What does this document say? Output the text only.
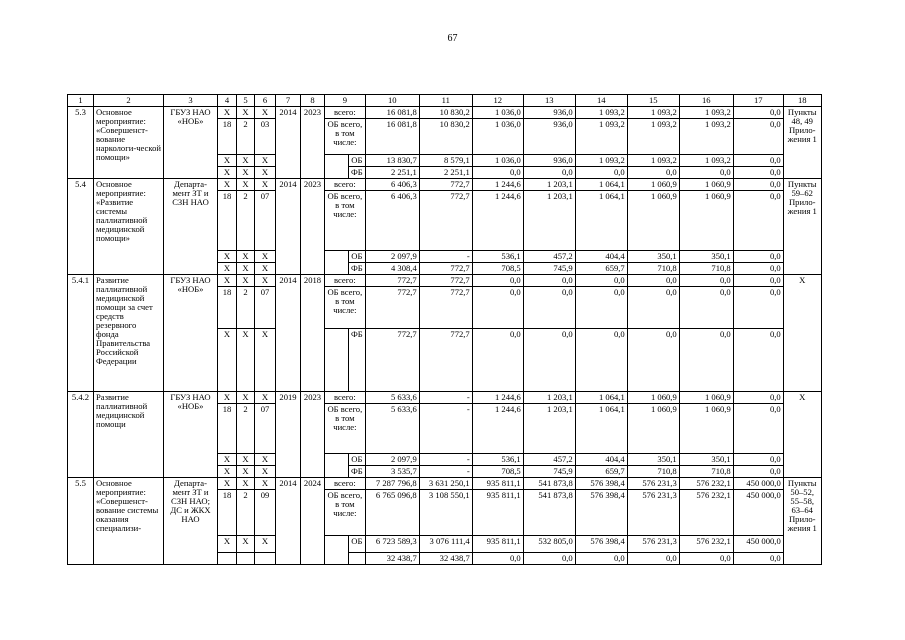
67
1	2	3	4	5	6	7	8	9		10	11	12	13	14	15	16	17	18
5.3	Основное мероприятие: «Совершенст-вование наркологи-ческой помощи»	ГБУЗ НАО «НОБ»	Х	Х	Х	2014	2023	всего:		16 081,8	10 830,2	1 036,0	936,0	1 093,2	1 093,2	1 093,2	0,0	Пункты 48, 49 Прило-жения 1
			18	2	03			ОБ всего, в том числе:		16 081,8	10 830,2	1 036,0	936,0	1 093,2	1 093,2	1 093,2	0,0	
			Х	Х	Х				ОБ	13 830,7	8 579,1	1 036,0	936,0	1 093,2	1 093,2	1 093,2	0,0	
			Х	Х	Х				ФБ	2 251,1	2 251,1	0,0	0,0	0,0	0,0	0,0	0,0	
5.4	Основное мероприятие: «Развитие системы паллиативной медицинской помощи»	Департа-мент ЗТ и СЗН НАО	Х	Х	Х	2014	2023	всего:		6 406,3	772,7	1 244,6	1 203,1	1 064,1	1 060,9	1 060,9	0,0	Пункты 59–62 Прило-жения 1
			18	2	07			ОБ всего, в том числе:		6 406,3	772,7	1 244,6	1 203,1	1 064,1	1 060,9	1 060,9	0,0	
			Х	Х	Х				ОБ	2 097,9	-	536,1	457,2	404,4	350,1	350,1	0,0	
			Х	Х	Х				ФБ	4 308,4	772,7	708,5	745,9	659,7	710,8	710,8	0,0	
5.4.1	Развитие паллиативной медицинской помощи за счет средств резервного фонда Правительства Российской Федерации	ГБУЗ НАО «НОБ»	Х	Х	Х	2014	2018	всего:		772,7	772,7	0,0	0,0	0,0	0,0	0,0	0,0	Х
			18	2	07			ОБ всего, в том числе:		772,7	772,7	0,0	0,0	0,0	0,0	0,0	0,0	
			Х	Х	Х				ФБ	772,7	772,7	0,0	0,0	0,0	0,0	0,0	0,0	
5.4.2	Развитие паллиативной медицинской помощи	ГБУЗ НАО «НОБ»	Х	Х	Х	2019	2023	всего:		5 633,6	-	1 244,6	1 203,1	1 064,1	1 060,9	1 060,9	0,0	Х
			18	2	07			ОБ всего, в том числе:		5 633,6	-	1 244,6	1 203,1	1 064,1	1 060,9	1 060,9	0,0	
			Х	Х	Х				ОБ	2 097,9	-	536,1	457,2	404,4	350,1	350,1	0,0	
			Х	Х	Х				ФБ	3 535,7	-	708,5	745,9	659,7	710,8	710,8	0,0	
5.5	Основное мероприятие: «Совершенст-вование системы оказания специализи-	Департа-мент ЗТ и СЗН НАО; ДС и ЖКХ НАО	Х	Х	Х	2014	2024	всего:		7 287 796,8	3 631 250,1	935 811,1	541 873,8	576 398,4	576 231,3	576 232,1	450 000,0	Пункты 50–52, 55–58, 63–64 Прило-жения 1
			18	2	09			ОБ всего, в том числе:		6 765 096,8	3 108 550,1	935 811,1	541 873,8	576 398,4	576 231,3	576 232,1	450 000,0	
			Х	Х	Х				ОБ	6 723 589,3	3 076 111,4	935 811,1	532 805,0	576 398,4	576 231,3	576 232,1	450 000,0	
										32 438,7	32 438,7	0,0	0,0	0,0	0,0	0,0	0,0	
